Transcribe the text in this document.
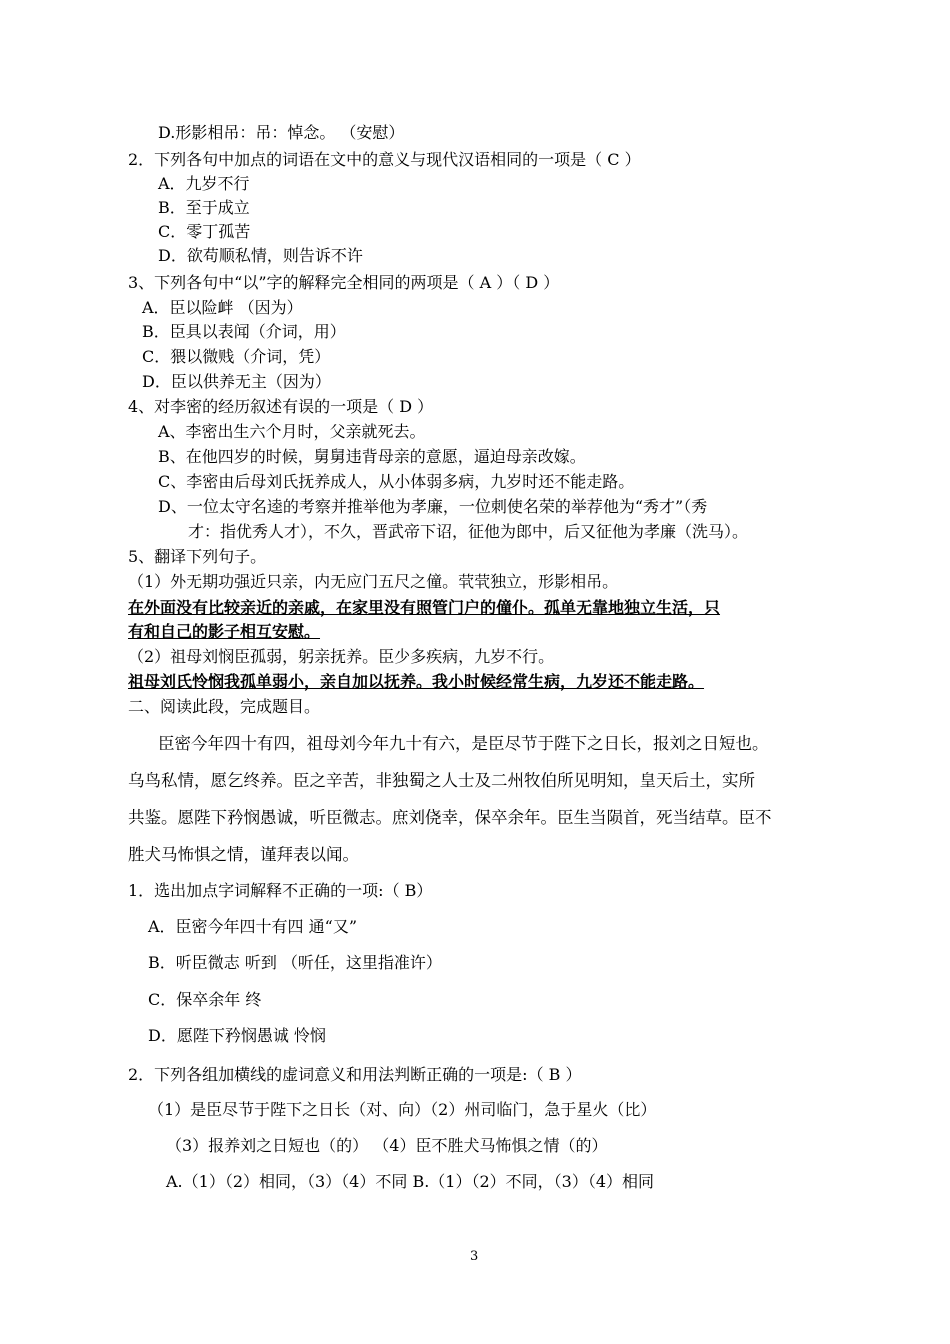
D.形影相吊：吊：悼念。 （安慰）
2．下列各句中加点的词语在文中的意义与现代汉语相同的一项是（ C ）
A．九岁不行
B．至于成立
C．零丁孤苦
D．欲苟顺私情，则告诉不许
3、下列各句中“以”字的解释完全相同的两项是（ A ）（ D ）
A．臣以险衅 （因为）
B．臣具以表闻（介词，用）
C．猥以微贱（介词，凭）
D．臣以供养无主（因为）
4、对李密的经历叙述有误的一项是（ D ）
A、李密出生六个月时，父亲就死去。
B、在他四岁的时候，舅舅违背母亲的意愿，逼迫母亲改嫁。
C、李密由后母刘氏抚养成人，从小体弱多病，九岁时还不能走路。
D、一位太守名逵的考察并推举他为孝廉，一位刺使名荣的举荐他为“秀才”（秀
才：指优秀人才），不久，晋武帝下诏，征他为郎中，后又征他为孝廉（洗马）。
5、翻译下列句子。
（1）外无期功强近只亲，内无应门五尺之僮。茕茕独立，形影相吊。
在外面没有比较亲近的亲戚，在家里没有照管门户的僮仆。孤单无靠地独立生活，只
有和自己的影子相互安慰。
（2）祖母刘悯臣孤弱，躬亲抚养。臣少多疾病，九岁不行。
祖母刘氏怜悯我孤单弱小，亲自加以抚养。我小时候经常生病，九岁还不能走路。
二、阅读此段，完成题目。
臣密今年四十有四，祖母刘今年九十有六，是臣尽节于陛下之日长，报刘之日短也。
乌鸟私情，愿乞终养。臣之辛苦，非独蜀之人士及二州牧伯所见明知，皇天后土，实所
共鉴。愿陛下矜悯愚诚，听臣微志。庶刘侥幸，保卒余年。臣生当陨首，死当结草。臣不
胜犬马怖惧之情，谨拜表以闻。
1．选出加点字词解释不正确的一项:（ B）
A．臣密今年四十有四 通“又”
B．听臣微志 听到 （听任，这里指准许）
C．保卒余年 终
D．愿陛下矜悯愚诚 怜悯
2．下列各组加横线的虚词意义和用法判断正确的一项是:（ B ）
（1）是臣尽节于陛下之日长（对、向）（2）州司临门，急于星火（比）
（3）报养刘之日短也（的） （4）臣不胜犬马怖惧之情（的）
A.（1）（2）相同，（3）（4）不同 B.（1）（2）不同，（3）（4）相同
3
